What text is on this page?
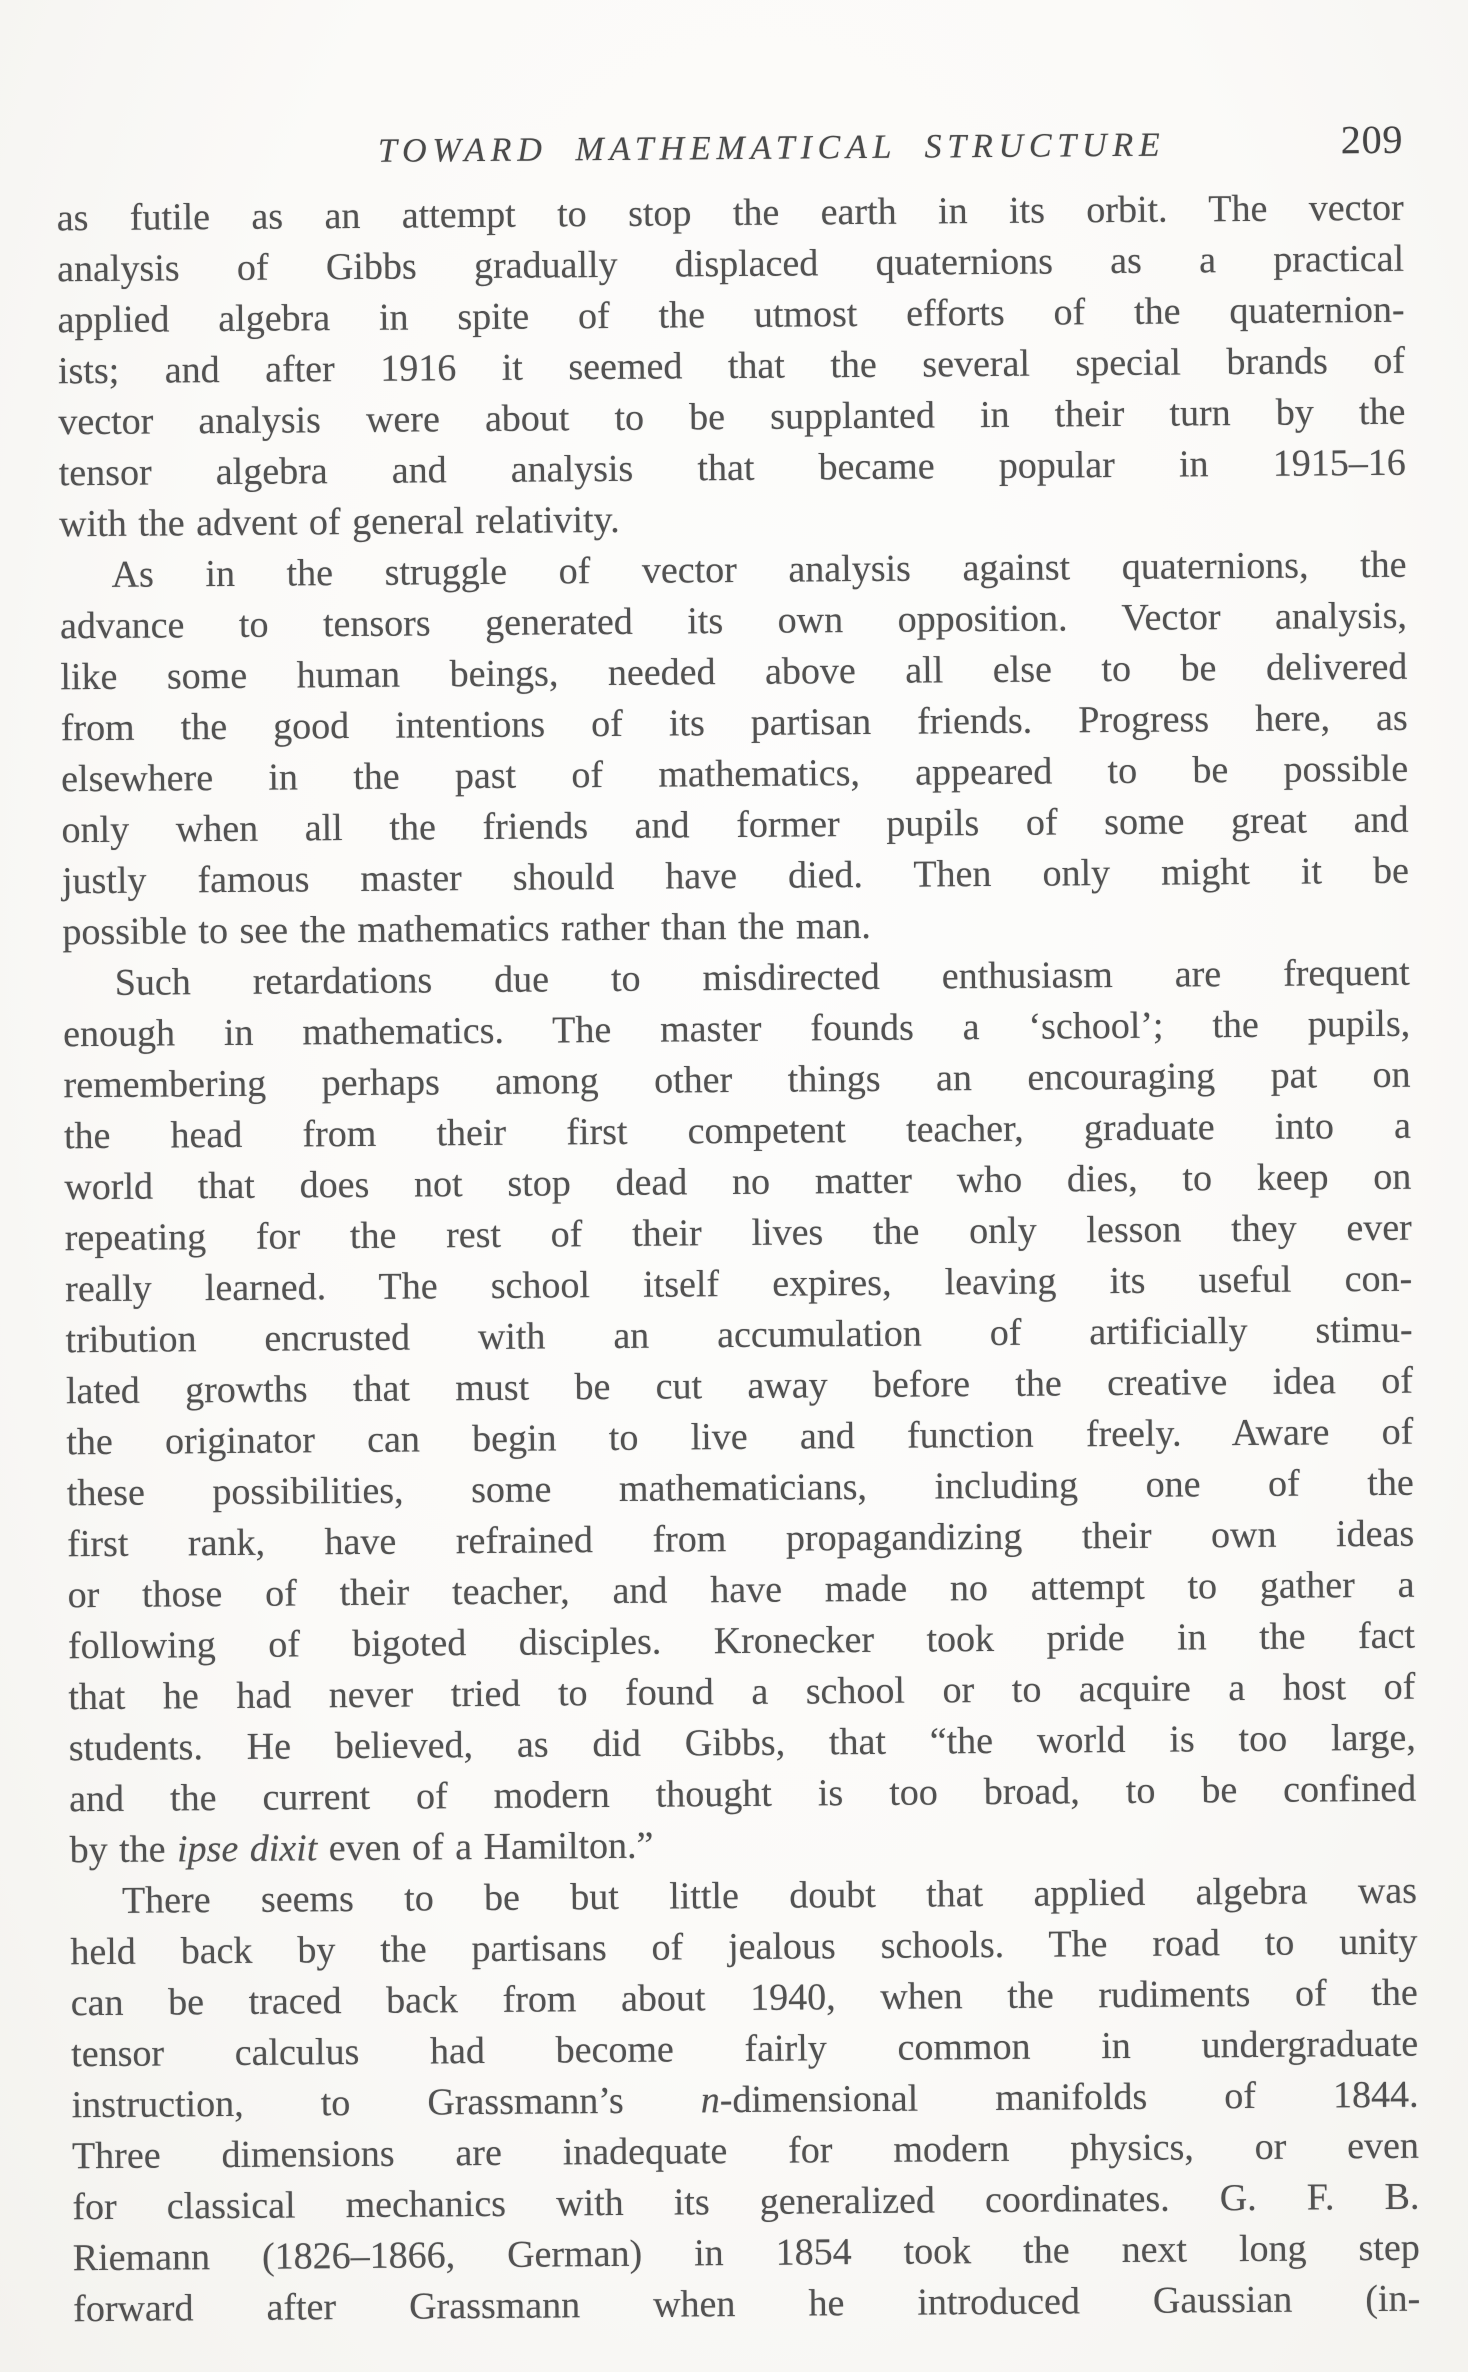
TOWARD MATHEMATICAL STRUCTURE	209
as futile as an attempt to stop the earth in its orbit. The vector
analysis of Gibbs gradually displaced quaternions as a practical
applied algebra in spite of the utmost efforts of the quaternion-
ists; and after 1916 it seemed that the several special brands of
vector analysis were about to be supplanted in their turn by the
tensor algebra and analysis that became popular in 1915–16
with the advent of general relativity.
As in the struggle of vector analysis against quaternions, the
advance to tensors generated its own opposition. Vector analysis,
like some human beings, needed above all else to be delivered
from the good intentions of its partisan friends. Progress here, as
elsewhere in the past of mathematics, appeared to be possible
only when all the friends and former pupils of some great and
justly famous master should have died. Then only might it be
possible to see the mathematics rather than the man.
Such retardations due to misdirected enthusiasm are frequent
enough in mathematics. The master founds a ‘school’; the pupils,
remembering perhaps among other things an encouraging pat on
the head from their first competent teacher, graduate into a
world that does not stop dead no matter who dies, to keep on
repeating for the rest of their lives the only lesson they ever
really learned. The school itself expires, leaving its useful con-
tribution encrusted with an accumulation of artificially stimu-
lated growths that must be cut away before the creative idea of
the originator can begin to live and function freely. Aware of
these possibilities, some mathematicians, including one of the
first rank, have refrained from propagandizing their own ideas
or those of their teacher, and have made no attempt to gather a
following of bigoted disciples. Kronecker took pride in the fact
that he had never tried to found a school or to acquire a host of
students. He believed, as did Gibbs, that “the world is too large,
and the current of modern thought is too broad, to be confined
by the ipse dixit even of a Hamilton.”
There seems to be but little doubt that applied algebra was
held back by the partisans of jealous schools. The road to unity
can be traced back from about 1940, when the rudiments of the
tensor calculus had become fairly common in undergraduate
instruction, to Grassmann’s n-dimensional manifolds of 1844.
Three dimensions are inadequate for modern physics, or even
for classical mechanics with its generalized coordinates. G. F. B.
Riemann (1826–1866, German) in 1854 took the next long step
forward after Grassmann when he introduced Gaussian (in-
